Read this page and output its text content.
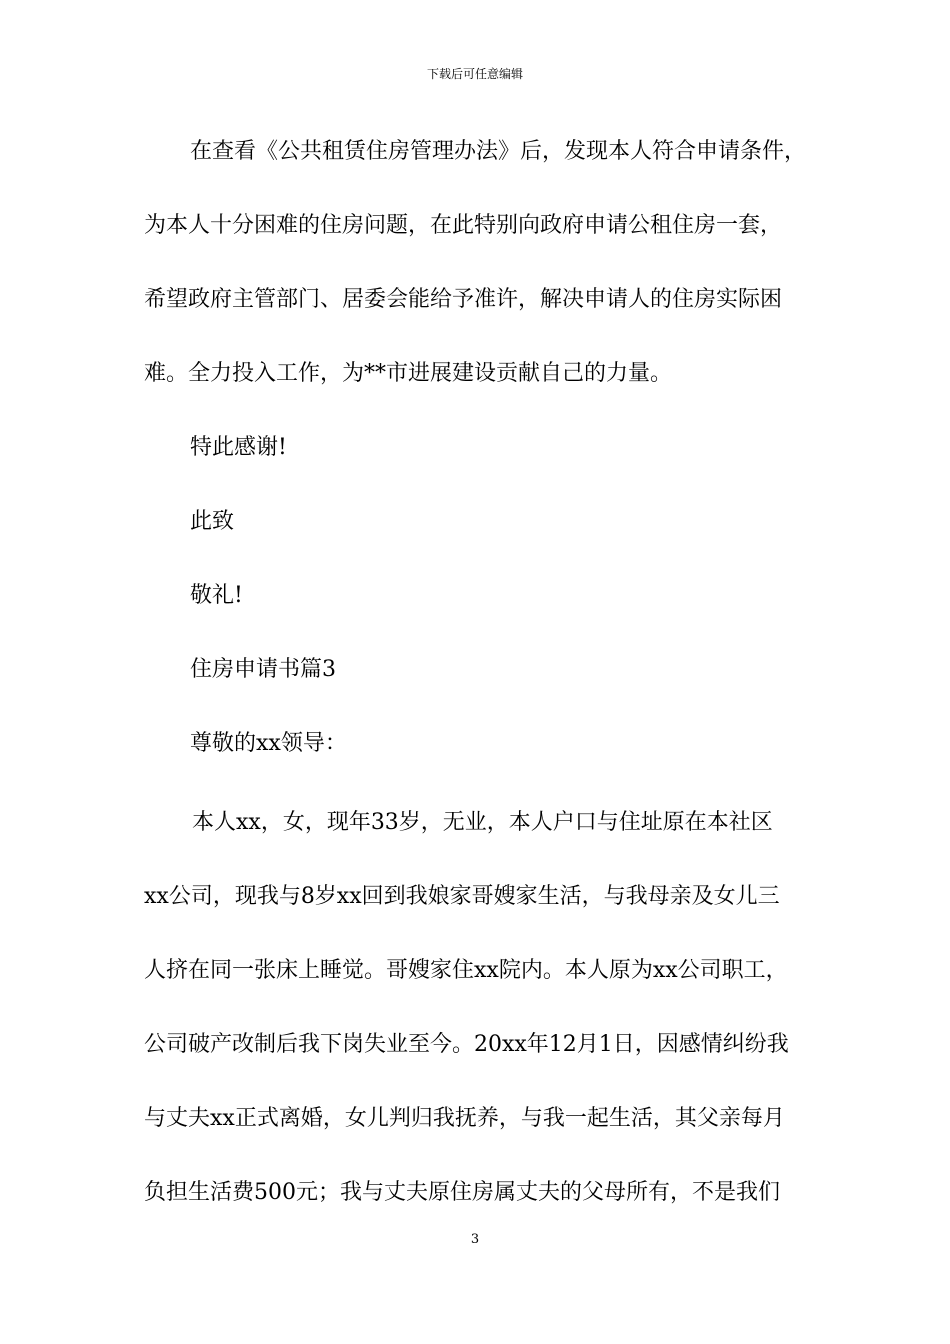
下载后可任意编辑
在查看《公共租赁住房管理办法》后，发现本人符合申请条件，
为本人十分困难的住房问题，在此特别向政府申请公租住房一套，
希望政府主管部门、居委会能给予准许，解决申请人的住房实际困
难。全力投入工作，为**市进展建设贡献自己的力量。
特此感谢!
此致
敬礼!
住房申请书篇3
尊敬的xx领导：
本人xx，女，现年33岁，无业，本人户口与住址原在本社区
xx公司，现我与8岁xx回到我娘家哥嫂家生活，与我母亲及女儿三
人挤在同一张床上睡觉。哥嫂家住xx院内。本人原为xx公司职工，
公司破产改制后我下岗失业至今。20xx年12月1日，因感情纠纷我
与丈夫xx正式离婚，女儿判归我抚养，与我一起生活，其父亲每月
负担生活费500元；我与丈夫原住房属丈夫的父母所有，不是我们
3
